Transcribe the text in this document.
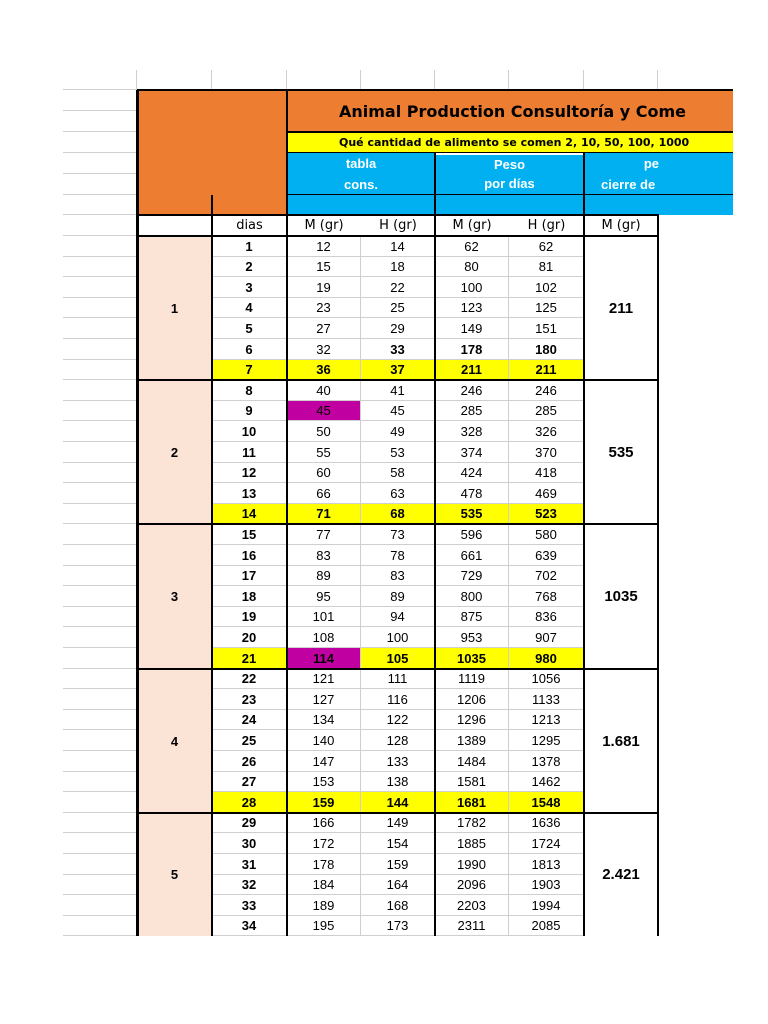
Animal Production Consultoría y Come
Qué cantidad de alimento se comen 2, 10, 50, 100, 1000
tabla
cons.
Peso
por días
pe
cierre de
dias	M (gr)	H (gr)	M (gr)	H (gr)	M (gr)
1	12	14	62	62
2	15	18	80	81
3	19	22	100	102
4	23	25	123	125
5	27	29	149	151
6	32	33	178	180
7	36	37	211	211
8	40	41	246	246
9	45	45	285	285
10	50	49	328	326
11	55	53	374	370
12	60	58	424	418
13	66	63	478	469
14	71	68	535	523
15	77	73	596	580
16	83	78	661	639
17	89	83	729	702
18	95	89	800	768
19	101	94	875	836
20	108	100	953	907
21	114	105	1035	980
22	121	111	1119	1056
23	127	116	1206	1133
24	134	122	1296	1213
25	140	128	1389	1295
26	147	133	1484	1378
27	153	138	1581	1462
28	159	144	1681	1548
29	166	149	1782	1636
30	172	154	1885	1724
31	178	159	1990	1813
32	184	164	2096	1903
33	189	168	2203	1994
34	195	173	2311	2085
1	211
2	535
3	1035
4	1.681
5	2.421
